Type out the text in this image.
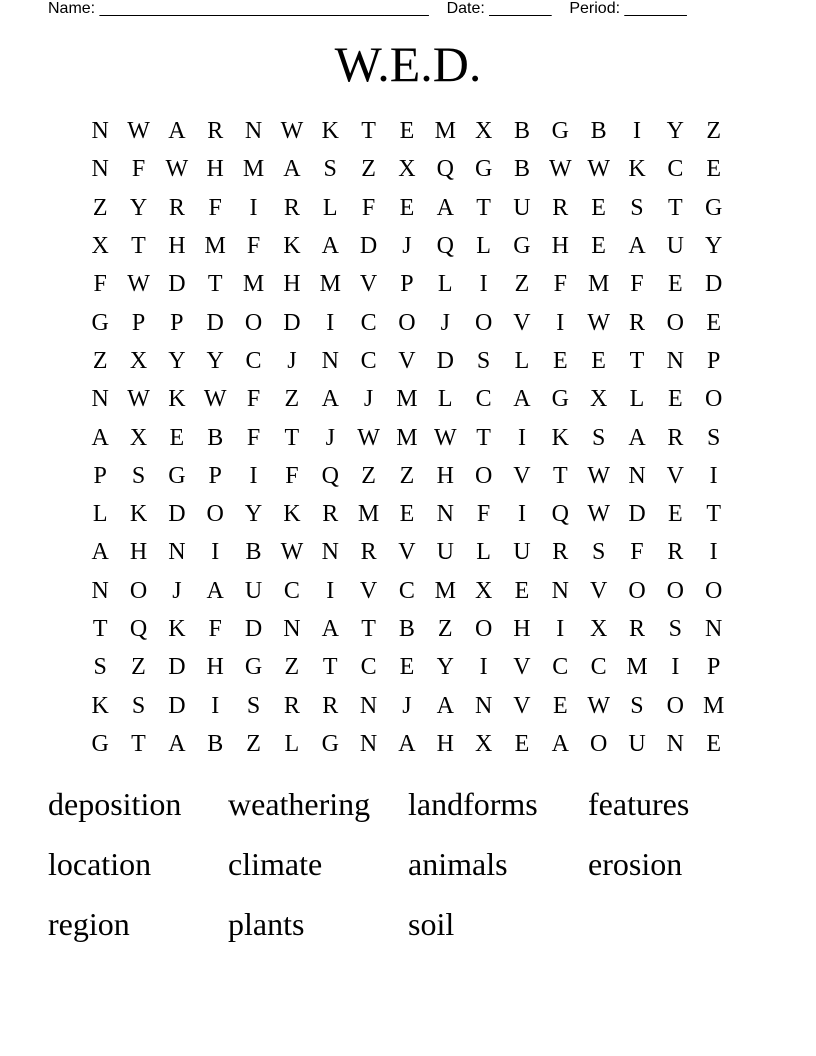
Name: _____________________________________    Date: _______    Period: _______
W.E.D.
N W A R N W K T E M X B G B	I	Y Z
N F W H M A S	Z X Q G B W W K C E
Z Y R F	I	R L	F	E A T U R E	S	T G
X T H M F K A D	J	Q L G H E A U Y
F W D T M H M V P	L	I	Z	F M F	E D
G P	P D O D	I	C O	J	O V	I W R O E
Z X Y Y C	J	N C V D S	L E E T N P
N W K W F	Z A	J M L C A G X L E O
A X E B F	T	J W M W T	I	K S A R S
P	S G P	I	F Q Z Z H O V T W N V	I
L K D O Y K R M E N F	I	Q W D E T
A H N	I	B W N R V U L U R S	F R	I
N O	J	A U C	I	V C M X E N V O O O
T Q K F D N A T B Z O H	I	X R S N
S	Z D H G Z T C E Y	I	V C C M I	P
K S D	I	S R R N	J	A N V E W S O M
G T A B Z L G N A H X E A O U N E
deposition	weathering	landforms	features
location	climate	animals	erosion
region	plants	soil
